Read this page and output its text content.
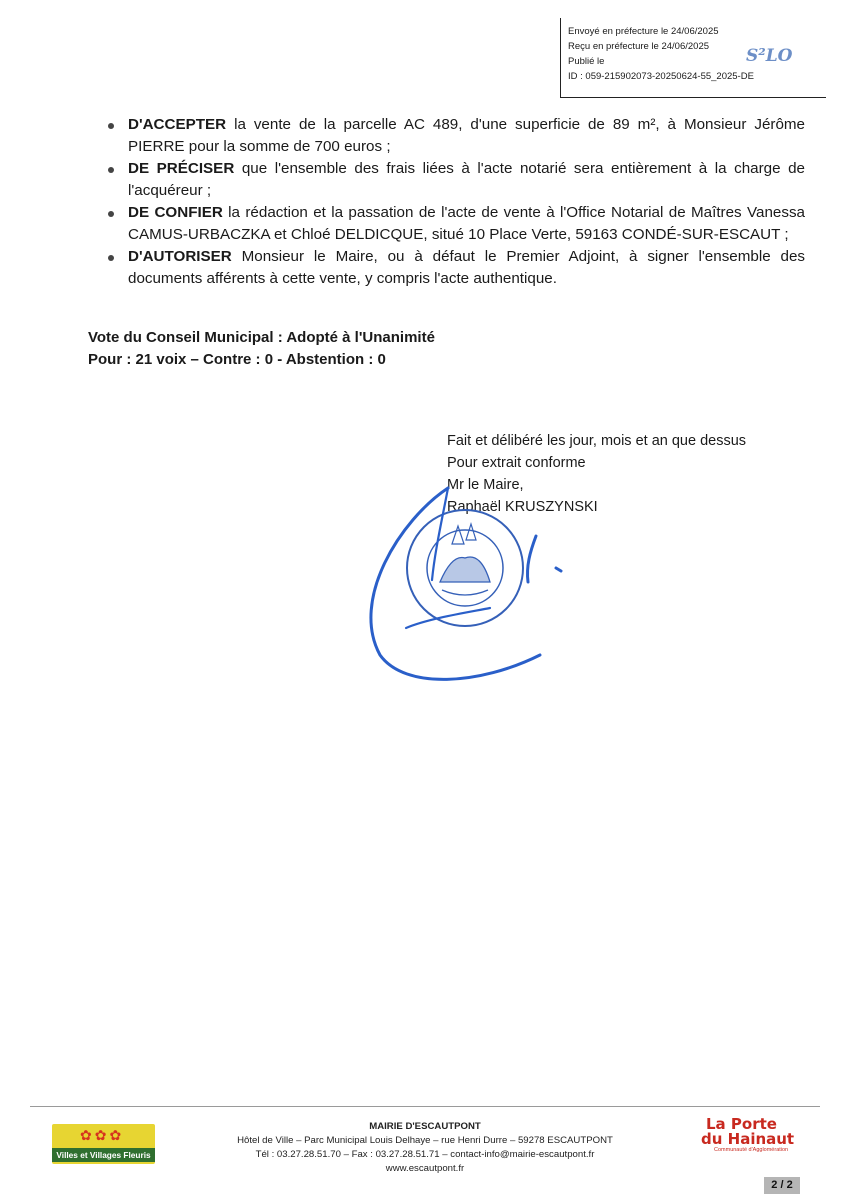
Envoyé en préfecture le 24/06/2025
Reçu en préfecture le 24/06/2025
Publié le
ID : 059-215902073-20250624-55_2025-DE
S²LO
D'ACCEPTER la vente de la parcelle AC 489, d'une superficie de 89 m², à Monsieur Jérôme PIERRE pour la somme de 700 euros ;
DE PRÉCISER que l'ensemble des frais liées à l'acte notarié sera entièrement à la charge de l'acquéreur ;
DE CONFIER la rédaction et la passation de l'acte de vente à l'Office Notarial de Maîtres Vanessa CAMUS-URBACZKA et Chloé DELDICQUE, situé 10 Place Verte, 59163 CONDÉ-SUR-ESCAUT ;
D'AUTORISER Monsieur le Maire, ou à défaut le Premier Adjoint, à signer l'ensemble des documents afférents à cette vente, y compris l'acte authentique.
Vote du Conseil Municipal : Adopté à l'Unanimité
Pour : 21 voix – Contre : 0 - Abstention : 0
Fait et délibéré les jour, mois et an que dessus
Pour extrait conforme
Mr le Maire,
Raphaël KRUSZYNSKI
✿✿✿
Villes et Villages Fleuris
MAIRIE D'ESCAUTPONT
Hôtel de Ville – Parc Municipal Louis Delhaye – rue Henri Durre – 59278 ESCAUTPONT
Tél : 03.27.28.51.70 – Fax : 03.27.28.51.71 – contact-info@mairie-escautpont.fr
www.escautpont.fr
La Porte
du Hainaut
Communauté d'Agglomération
2 / 2
